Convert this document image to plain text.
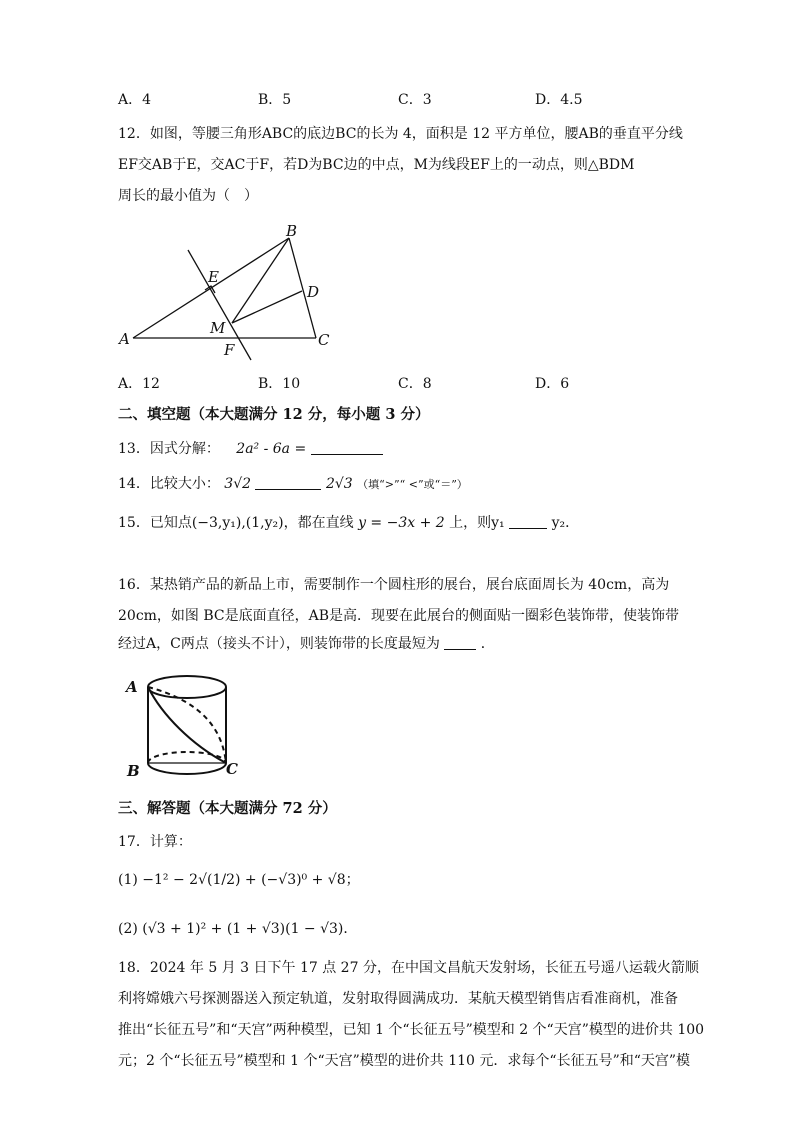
A．4	B．5	C．3	D．4.5
12．如图，等腰三角形ABC的底边BC的长为 4，面积是 12 平方单位，腰AB的垂直平分线
EF交AB于E，交AC于F，若D为BC边的中点，M为线段EF上的一动点，则△BDM
周长的最小值为（　）
A
B
C
D
E
F
M
A．12	B．10	C．8	D．6
二、填空题（本大题满分 12 分，每小题 3 分）
13．因式分解： 2a² - 6a =
14．比较大小： 3√2	2√3 （填“>”“ <”或“＝”）
15．已知点(−3,y₁),(1,y₂)，都在直线 y = −3x + 2 上，则y₁	y₂．
16．某热销产品的新品上市，需要制作一个圆柱形的展台，展台底面周长为 40cm，高为
20cm，如图 BC是底面直径，AB是高．现要在此展台的侧面贴一圈彩色装饰带，使装饰带
经过A，C两点（接头不计），则装饰带的长度最短为	．
A
B	C
三、解答题（本大题满分 72 分）
17．计算：
(1) −1² − 2√(1/2) + (−√3)⁰ + √8；
(2) (√3 + 1)² + (1 + √3)(1 − √3)．
18．2024 年 5 月 3 日下午 17 点 27 分，在中国文昌航天发射场，长征五号遥八运载火箭顺
利将嫦娥六号探测器送入预定轨道，发射取得圆满成功．某航天模型销售店看准商机，准备
推出“长征五号”和“天宫”两种模型，已知 1 个“长征五号”模型和 2 个“天宫”模型的进价共 100
元；2 个“长征五号”模型和 1 个“天宫”模型的进价共 110 元．求每个“长征五号”和“天宫”模
